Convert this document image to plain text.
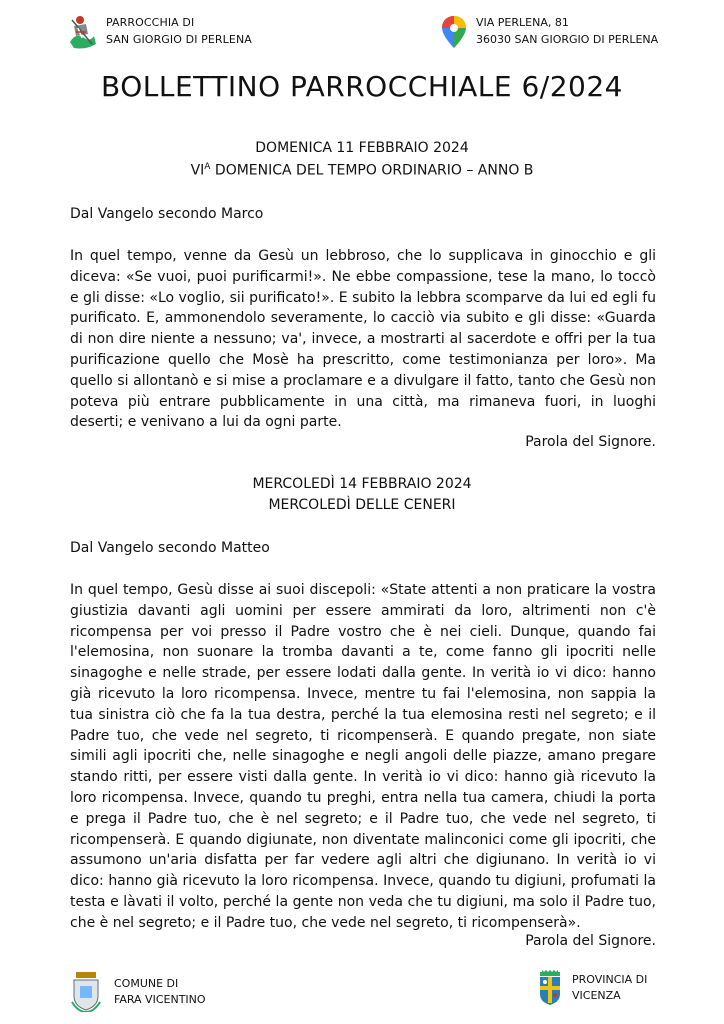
PARROCCHIA DI
SAN GIORGIO DI PERLENA
VIA PERLENA, 81
36030 SAN GIORGIO DI PERLENA
BOLLETTINO PARROCCHIALE 6/2024
DOMENICA 11 FEBBRAIO 2024
$VI^A$ DOMENICA DEL TEMPO ORDINARIO – ANNO B
Dal Vangelo secondo Marco
In quel tempo, venne da Gesù un lebbroso, che lo supplicava in ginocchio e gli diceva: «Se vuoi, puoi purificarmi!». Ne ebbe compassione, tese la mano, lo toccò e gli disse: «Lo voglio, sii purificato!». E subito la lebbra scomparve da lui ed egli fu purificato. E, ammonendolo severamente, lo cacciò via subito e gli disse: «Guarda di non dire niente a nessuno; va', invece, a mostrarti al sacerdote e offri per la tua purificazione quello che Mosè ha prescritto, come testimonianza per loro». Ma quello si allontanò e si mise a proclamare e a divulgare il fatto, tanto che Gesù non poteva più entrare pubblicamente in una città, ma rimaneva fuori, in luoghi deserti; e venivano a lui da ogni parte.
Parola del Signore.
MERCOLEDÌ 14 FEBBRAIO 2024
MERCOLEDÌ DELLE CENERI
Dal Vangelo secondo Matteo
In quel tempo, Gesù disse ai suoi discepoli: «State attenti a non praticare la vostra giustizia davanti agli uomini per essere ammirati da loro, altrimenti non c'è ricompensa per voi presso il Padre vostro che è nei cieli. Dunque, quando fai l'elemosina, non suonare la tromba davanti a te, come fanno gli ipocriti nelle sinagoghe e nelle strade, per essere lodati dalla gente. In verità io vi dico: hanno già ricevuto la loro ricompensa. Invece, mentre tu fai l'elemosina, non sappia la tua sinistra ciò che fa la tua destra, perché la tua elemosina resti nel segreto; e il Padre tuo, che vede nel segreto, ti ricompenserà. E quando pregate, non siate simili agli ipocriti che, nelle sinagoghe e negli angoli delle piazze, amano pregare stando ritti, per essere visti dalla gente. In verità io vi dico: hanno già ricevuto la loro ricompensa. Invece, quando tu preghi, entra nella tua camera, chiudi la porta e prega il Padre tuo, che è nel segreto; e il Padre tuo, che vede nel segreto, ti ricompenserà. E quando digiunate, non diventate malinconici come gli ipocriti, che assumono un'aria disfatta per far vedere agli altri che digiunano. In verità io vi dico: hanno già ricevuto la loro ricompensa. Invece, quando tu digiuni, profumati la testa e làvati il volto, perché la gente non veda che tu digiuni, ma solo il Padre tuo, che è nel segreto; e il Padre tuo, che vede nel segreto, ti ricompenserà».
Parola del Signore.
COMUNE DI
FARA VICENTINO
PROVINCIA DI
VICENZA
